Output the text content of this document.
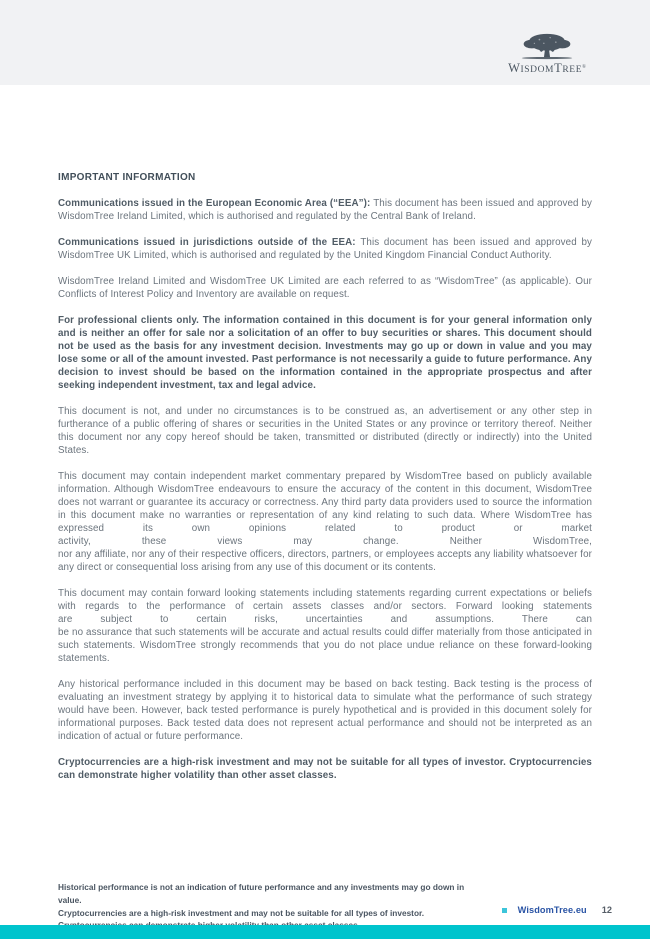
WISDOMTREE®
IMPORTANT INFORMATION

Communications issued in the European Economic Area (“EEA”): This document has been issued and approved by WisdomTree Ireland Limited, which is authorised and regulated by the Central Bank of Ireland.

Communications issued in jurisdictions outside of the EEA: This document has been issued and approved by WisdomTree UK Limited, which is authorised and regulated by the United Kingdom Financial Conduct Authority.

WisdomTree Ireland Limited and WisdomTree UK Limited are each referred to as “WisdomTree” (as applicable). Our Conflicts of Interest Policy and Inventory are available on request.

For professional clients only. The information contained in this document is for your general information only and is neither an offer for sale nor a solicitation of an offer to buy securities or shares. This document should not be used as the basis for any investment decision. Investments may go up or down in value and you may lose some or all of the amount invested. Past performance is not necessarily a guide to future performance. Any decision to invest should be based on the information contained in the appropriate prospectus and after seeking independent investment, tax and legal advice.

This document is not, and under no circumstances is to be construed as, an advertisement or any other step in furtherance of a public offering of shares or securities in the United States or any province or territory thereof. Neither this document nor any copy hereof should be taken, transmitted or distributed (directly or indirectly) into the United States.

This document may contain independent market commentary prepared by WisdomTree based on publicly available information. Although WisdomTree endeavours to ensure the accuracy of the content in this document, WisdomTree does not warrant or guarantee its accuracy or correctness. Any third party data providers used to source the information in this document make no warranties or representation of any kind relating to such data. Where WisdomTree has expressed its own opinions related to product or marketactivity, these views may change. Neither WisdomTree,nor any affiliate, nor any of their respective officers, directors, partners, or employees accepts any liability whatsoever for any direct or consequential loss arising from any use of this document or its contents.

This document may contain forward looking statements including statements regarding current expectations or beliefs with regards to the performance of certain assets classes and/or sectors. Forward looking statementsare subject to certain risks, uncertainties and assumptions. There canbe no assurance that such statements will be accurate and actual results could differ materially from those anticipated in such statements. WisdomTree strongly recommends that you do not place undue reliance on these forward-looking statements.

Any historical performance included in this document may be based on back testing. Back testing is the process of evaluating an investment strategy by applying it to historical data to simulate what the performance of such strategy would have been. However, back tested performance is purely hypothetical and is provided in this document solely for informational purposes. Back tested data does not represent actual performance and should not be interpreted as an indication of actual or future performance.

Cryptocurrencies are a high-risk investment and may not be suitable for all types of investor. Cryptocurrencies can demonstrate higher volatility than other asset classes.

Historical performance is not an indication of future performance and any investments may go down in value.
Cryptocurrencies are a high-risk investment and may not be suitable for all types of investor.	WisdomTree.eu 12
